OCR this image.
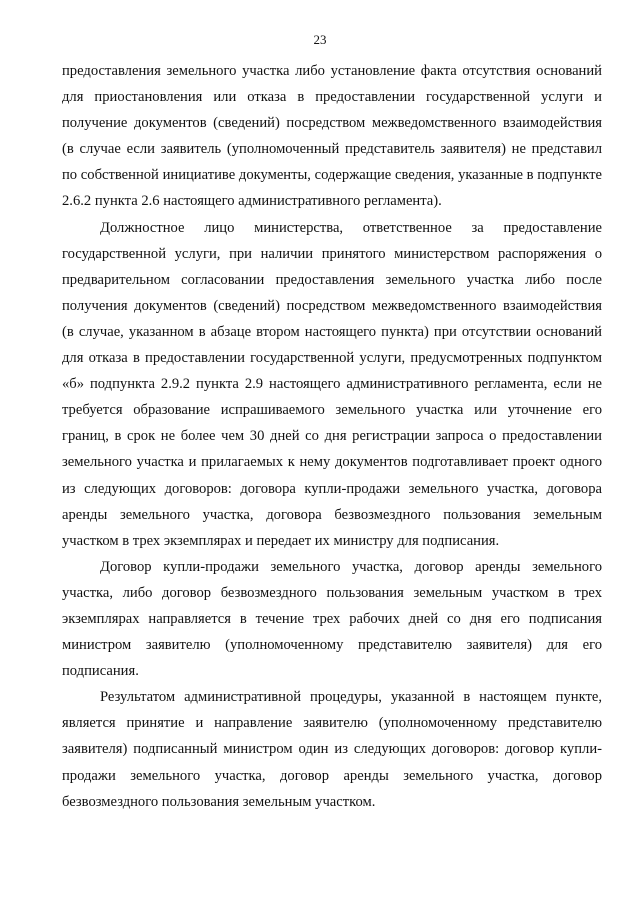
23

предоставления земельного участка либо установление факта отсутствия оснований для приостановления или отказа в предоставлении государственной услуги и получение документов (сведений) посредством межведомственного взаимодействия (в случае если заявитель (уполномоченный представитель заявителя) не представил по собственной инициативе документы, содержащие сведения, указанные в подпункте 2.6.2 пункта 2.6 настоящего административного регламента).

Должностное лицо министерства, ответственное за предоставление государственной услуги, при наличии принятого министерством распоряжения о предварительном согласовании предоставления земельного участка либо после получения документов (сведений) посредством межведомственного взаимодействия (в случае, указанном в абзаце втором настоящего пункта) при отсутствии оснований для отказа в предоставлении государственной услуги, предусмотренных подпунктом «б» подпункта 2.9.2 пункта 2.9 настоящего административного регламента, если не требуется образование испрашиваемого земельного участка или уточнение его границ, в срок не более чем 30 дней со дня регистрации запроса о предоставлении земельного участка и прилагаемых к нему документов подготавливает проект одного из следующих договоров: договора купли-продажи земельного участка, договора аренды земельного участка, договора безвозмездного пользования земельным участком в трех экземплярах и передает их министру для подписания.

Договор купли-продажи земельного участка, договор аренды земельного участка, либо договор безвозмездного пользования земельным участком в трех экземплярах направляется в течение трех рабочих дней со дня его подписания министром заявителю (уполномоченному представителю заявителя) для его подписания.

Результатом административной процедуры, указанной в настоящем пункте, является принятие и направление заявителю (уполномоченному представителю заявителя) подписанный министром один из следующих договоров: договор купли-продажи земельного участка, договор аренды земельного участка, договор безвозмездного пользования земельным участком.
